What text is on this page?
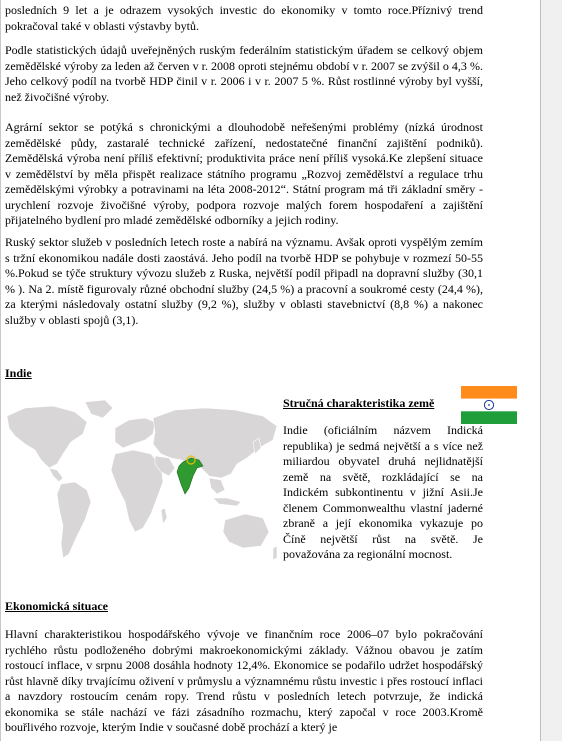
posledních 9 let a je odrazem vysokých investic do ekonomiky v tomto roce.Příznivý trend pokračoval také v oblasti výstavby bytů.

Podle statistických údajů uveřejněných ruským federálním statistickým úřadem se celkový objem zemědělské výroby za leden až červen v r. 2008 oproti stejnému období v r. 2007 se zvýšil o 4,3 %. Jeho celkový podíl na tvorbě HDP činil v r. 2006 i v r. 2007 5 %. Růst rostlinné výroby byl vyšší, než živočišné výroby.

Agrární sektor se potýká s chronickými a dlouhodobě neřešenými problémy (nízká úrodnost zemědělské půdy, zastaralé technické zařízení, nedostatečné finanční zajištění podniků). Zemědělská výroba není příliš efektivní; produktivita práce není příliš vysoká.Ke zlepšení situace v zemědělství by měla přispět realizace státního programu „Rozvoj zemědělství a regulace trhu zemědělskými výrobky a potravinami na léta 2008-2012“. Státní program má tři základní směry - urychlení rozvoje živočišné výroby, podpora rozvoje malých forem hospodaření a zajištění přijatelného bydlení pro mladé zemědělské odborníky a jejich rodiny.

Ruský sektor služeb v posledních letech roste a nabírá na významu. Avšak oproti vyspělým zemím s tržní ekonomikou nadále dosti zaostává. Jeho podíl na tvorbě HDP se pohybuje v rozmezí 50-55 %.Pokud se týče struktury vývozu služeb z Ruska, největší podíl připadl na dopravní služby (30,1 % ). Na 2. místě figurovaly různé obchodní služby (24,5 %) a pracovní a soukromé cesty (24,4 %), za kterými následovaly ostatní služby (9,2 %), služby v oblasti stavebnictví (8,8 %) a nakonec služby v oblasti spojů (3,1).

Indie

Stručná charakteristika země

Indie (oficiálním názvem Indická republika) je sedmá největší a s více než miliardou obyvatel druhá nejlidnatější země na světě, rozkládající se na Indickém subkontinentu v jižní Asii.Je členem Commonwealthu vlastní jaderné zbraně a její ekonomika vykazuje po Číně největší růst na světě. Je považována za regionální mocnost.

Ekonomická situace

Hlavní charakteristikou hospodářského vývoje ve finančním roce 2006–07 bylo pokračování rychlého růstu podloženého dobrými makroekonomickými základy. Vážnou obavou je zatím rostoucí inflace, v srpnu 2008 dosáhla hodnoty 12,4%. Ekonomice se podařilo udržet hospodářský růst hlavně díky trvajícímu oživení v průmyslu a významnému růstu investic i přes rostoucí inflaci a navzdory rostoucím cenám ropy. Trend růstu v posledních letech potvrzuje, že indická ekonomika se stále nachází ve fázi zásadního rozmachu, který započal v roce 2003.Kromě bouřlivého rozvoje, kterým Indie v současné době prochází a který je
